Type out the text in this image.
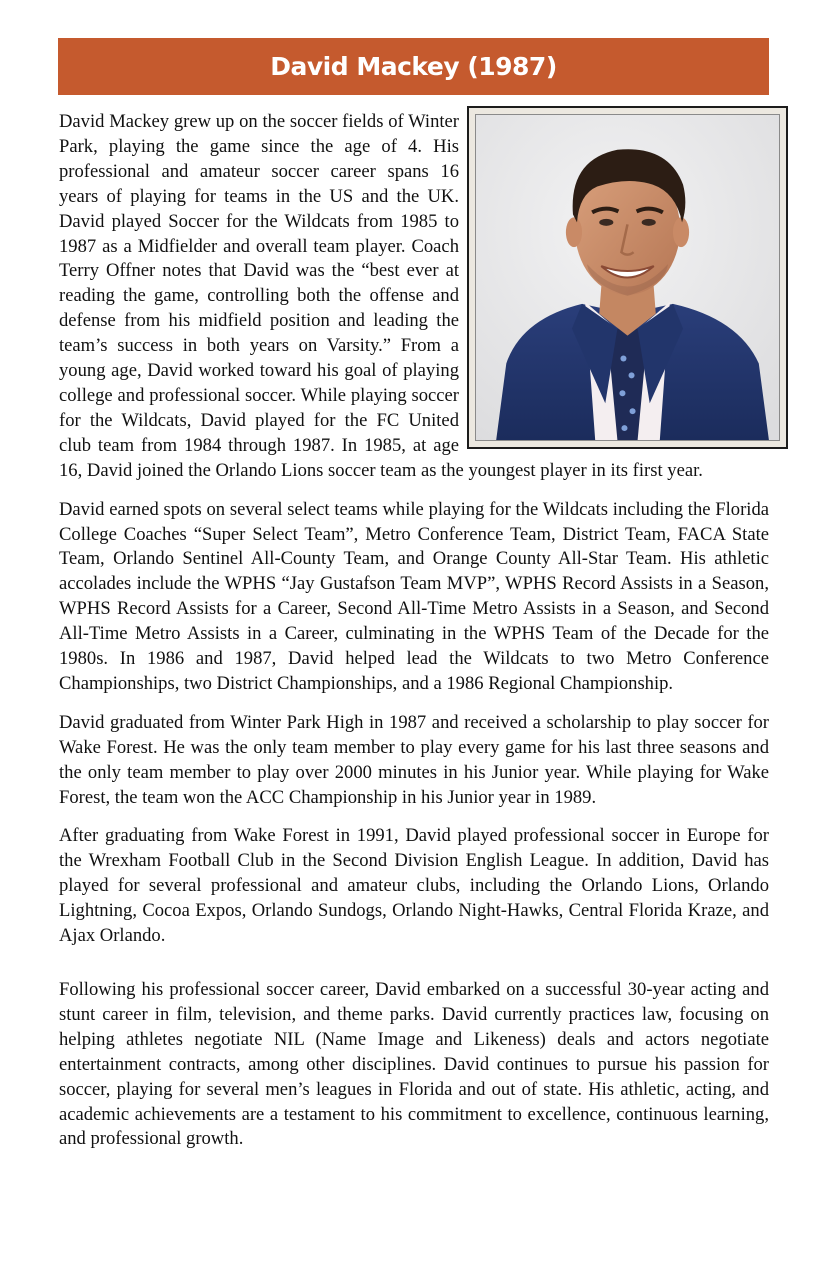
David Mackey (1987)

David Mackey grew up on the soccer fields of Winter Park, playing the game since the age of 4. His professional and amateur soccer career spans 16 years of playing for teams in the US and the UK. David played Soccer for the Wildcats from 1985 to 1987 as a Midfielder and overall team player. Coach Terry Offner notes that David was the “best ever at reading the game, controlling both the offense and defense from his midfield position and leading the team’s success in both years on Varsity.” From a young age, David worked toward his goal of playing college and professional soccer. While playing soccer for the Wildcats, David played for the FC United club team from 1984 through 1987. In 1985, at age 16, David joined the Orlando Lions soccer team as the youngest player in its first year.

David earned spots on several select teams while playing for the Wildcats including the Florida College Coaches “Super Select Team”, Metro Conference Team, District Team, FACA State Team, Orlando Sentinel All-County Team, and Orange County All-Star Team. His athletic accolades include the WPHS “Jay Gustafson Team MVP”, WPHS Record Assists in a Season, WPHS Record Assists for a Career, Second All-Time Metro Assists in a Season, and Second All-Time Metro Assists in a Career, culminating in the WPHS Team of the Decade for the 1980s. In 1986 and 1987, David helped lead the Wildcats to two Metro Conference Championships, two District Championships, and a 1986 Regional Championship.

David graduated from Winter Park High in 1987 and received a scholarship to play soccer for Wake Forest. He was the only team member to play every game for his last three seasons and the only team member to play over 2000 minutes in his Junior year. While playing for Wake Forest, the team won the ACC Championship in his Junior year in 1989.

After graduating from Wake Forest in 1991, David played professional soccer in Europe for the Wrexham Football Club in the Second Division English League. In addition, David has played for several professional and amateur clubs, including the Orlando Lions, Orlando Lightning, Cocoa Expos, Orlando Sundogs, Orlando Night-Hawks, Central Florida Kraze, and Ajax Orlando.

Following his professional soccer career, David embarked on a successful 30-year acting and stunt career in film, television, and theme parks. David currently practices law, focusing on helping athletes negotiate NIL (Name Image and Likeness) deals and actors negotiate entertainment contracts, among other disciplines. David continues to pursue his passion for soccer, playing for several men’s leagues in Florida and out of state. His athletic, acting, and academic achievements are a testament to his commitment to excellence, continuous learning, and professional growth.
